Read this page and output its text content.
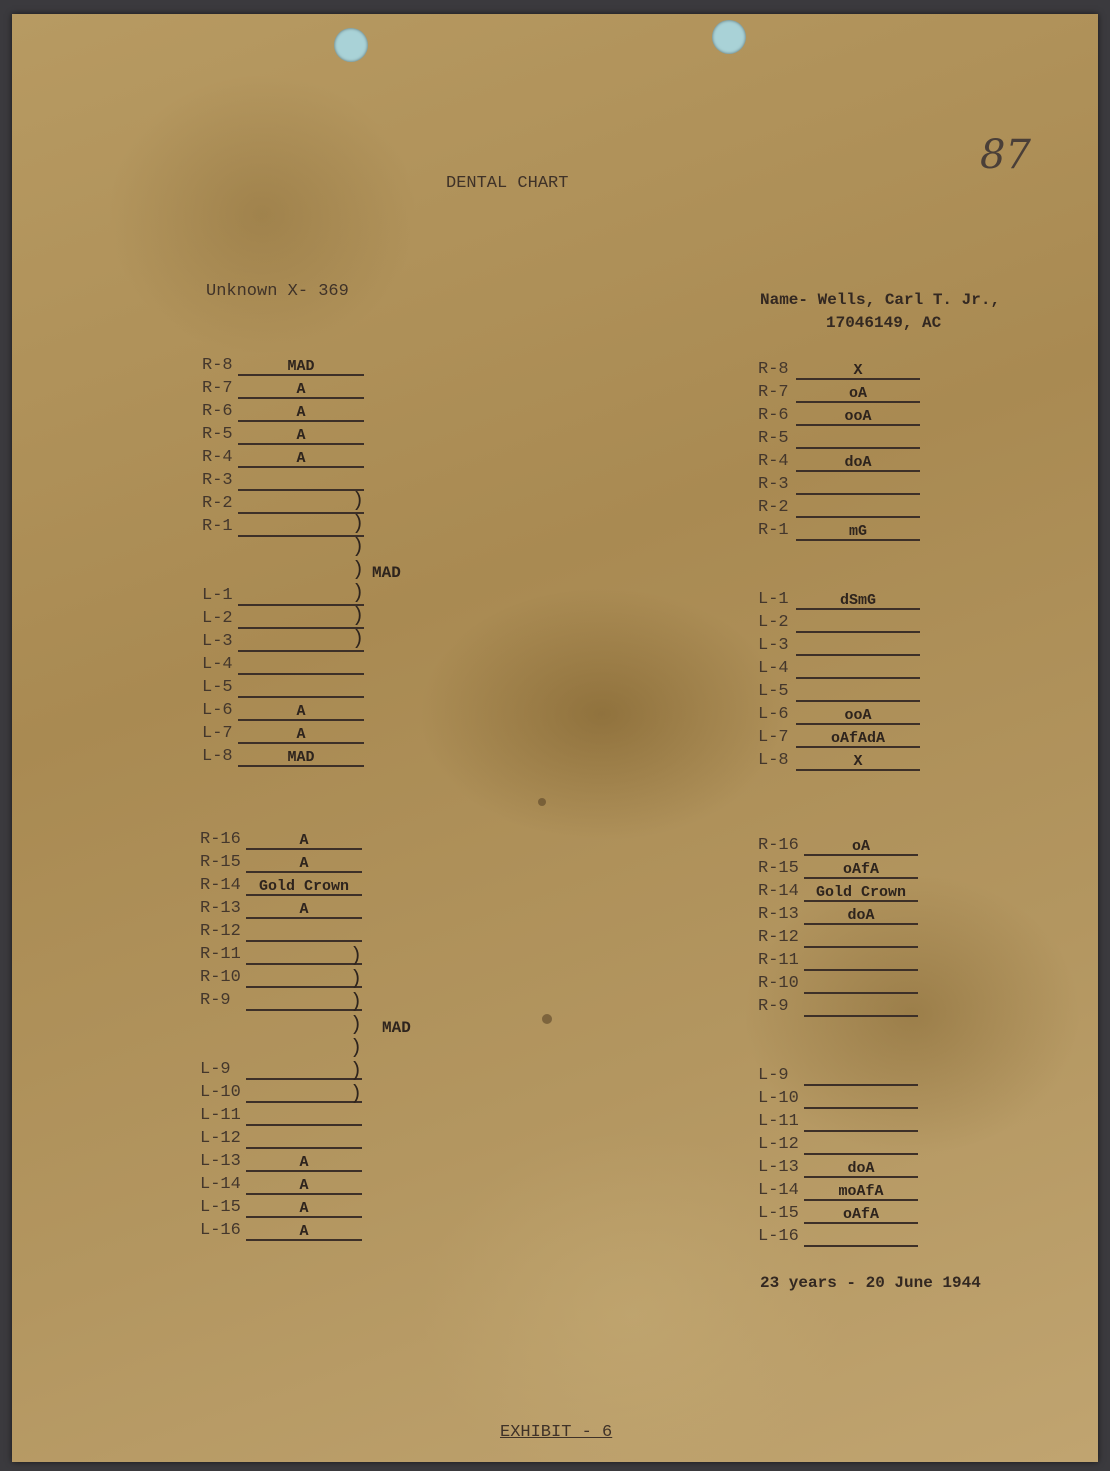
87
DENTAL CHART
Unknown X- 369	Name- Wells, Carl T. Jr.,
17046149, AC
R-8	MAD
R-7	A
R-6	A
R-5	A
R-4	A
R-3
R-2
R-1
L-1
L-2
L-3
L-4
L-5
L-6	A
L-7	A
L-8	MAD
R-16	A
R-15	A
R-14	Gold Crown
R-13	A
R-12
R-11
R-10
R-9
L-9
L-10
L-11
L-12
L-13	A
L-14	A
L-15	A
L-16	A
R-8	X
R-7	oA
R-6	ooA
R-5
R-4	doA
R-3
R-2
R-1	mG
L-1	dSmG
L-2
L-3
L-4
L-5
L-6	ooA
L-7	oAfAdA
L-8	X
R-16	oA
R-15	oAfA
R-14	Gold Crown
R-13	doA
R-12
R-11
R-10
R-9
L-9
L-10
L-11
L-12
L-13	doA
L-14	moAfA
L-15	oAfA
L-16
)
)
)
)
)
)
)
)
)
)
)
)
)
)
MAD
MAD
23 years - 20 June 1944
EXHIBIT - 6
